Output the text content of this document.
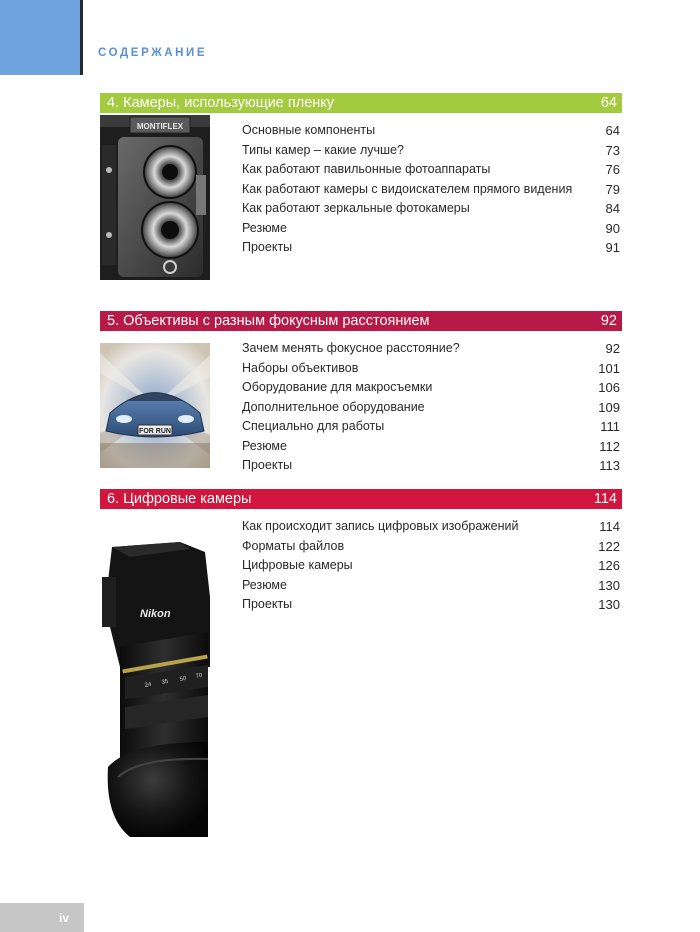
СОДЕРЖАНИЕ
4. Камеры, использующие пленку	64
MONTIFLEX	Основные компоненты	64
Типы камер – какие лучше?	73
Как работают павильонные фотоаппараты	76
Как работают камеры с видоискателем прямого видения	79
Как работают зеркальные фотокамеры	84
Резюме	90
Проекты	91
5. Объективы с разным фокусным расстоянием	92
FOR RUN
Зачем менять фокусное расстояние?	92
Наборы объективов	101
Оборудование для макросъемки	106
Дополнительное оборудование	109
Специально для работы	111
Резюме	112
Проекты	113
6. Цифровые камеры	114
Nikon
24 35 50 70
Как происходит запись цифровых изображений	114
Форматы файлов	122
Цифровые камеры	126
Резюме	130
Проекты	130
iv
